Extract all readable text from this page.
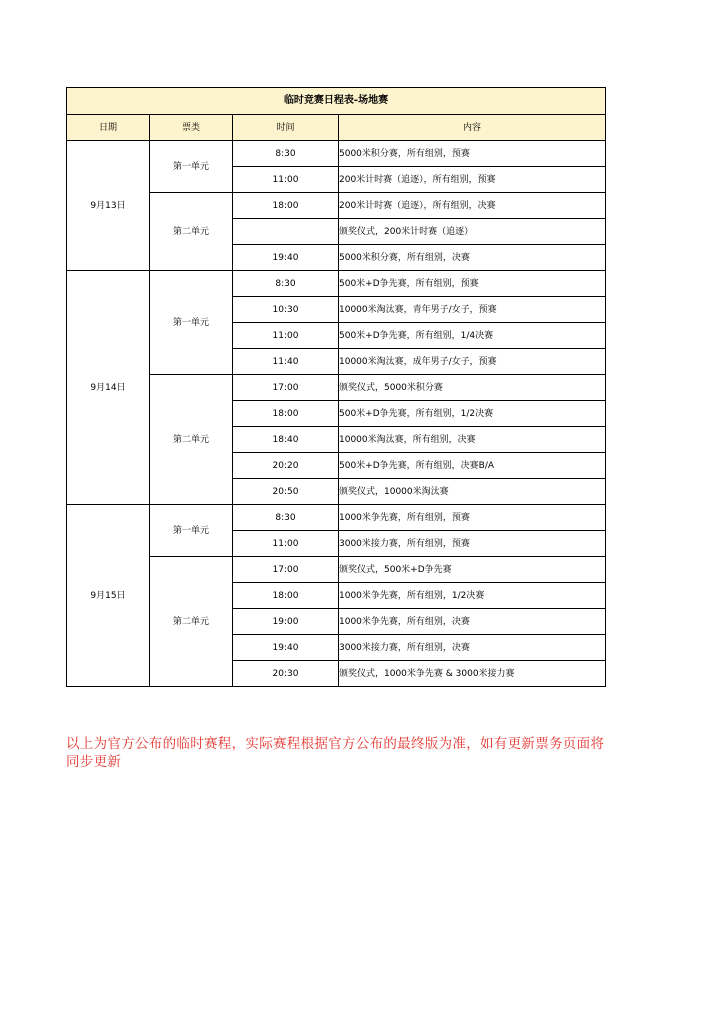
临时竞赛日程表-场地赛			
日期	票类	时间	内容
9月13日	第一单元	8:30	5000米积分赛，所有组别，预赛
		11:00	200米计时赛（追逐），所有组别，预赛
	第二单元	18:00	200米计时赛（追逐），所有组别，决赛
			颁奖仪式，200米计时赛（追逐）
		19:40	5000米积分赛，所有组别，决赛
9月14日	第一单元	8:30	500米+D争先赛，所有组别，预赛
		10:30	10000米淘汰赛，青年男子/女子，预赛
		11:00	500米+D争先赛，所有组别，1/4决赛
		11:40	10000米淘汰赛，成年男子/女子，预赛
	第二单元	17:00	颁奖仪式，5000米积分赛
		18:00	500米+D争先赛，所有组别，1/2决赛
		18:40	10000米淘汰赛，所有组别，决赛
		20:20	500米+D争先赛，所有组别，决赛B/A
		20:50	颁奖仪式，10000米淘汰赛
9月15日	第一单元	8:30	1000米争先赛，所有组别，预赛
		11:00	3000米接力赛，所有组别，预赛
	第二单元	17:00	颁奖仪式，500米+D争先赛
		18:00	1000米争先赛，所有组别，1/2决赛
		19:00	1000米争先赛，所有组别，决赛
		19:40	3000米接力赛，所有组别，决赛
		20:30	颁奖仪式，1000米争先赛 & 3000米接力赛
以上为官方公布的临时赛程，实际赛程根据官方公布的最终版为准，如有更新票务页面将同步更新
